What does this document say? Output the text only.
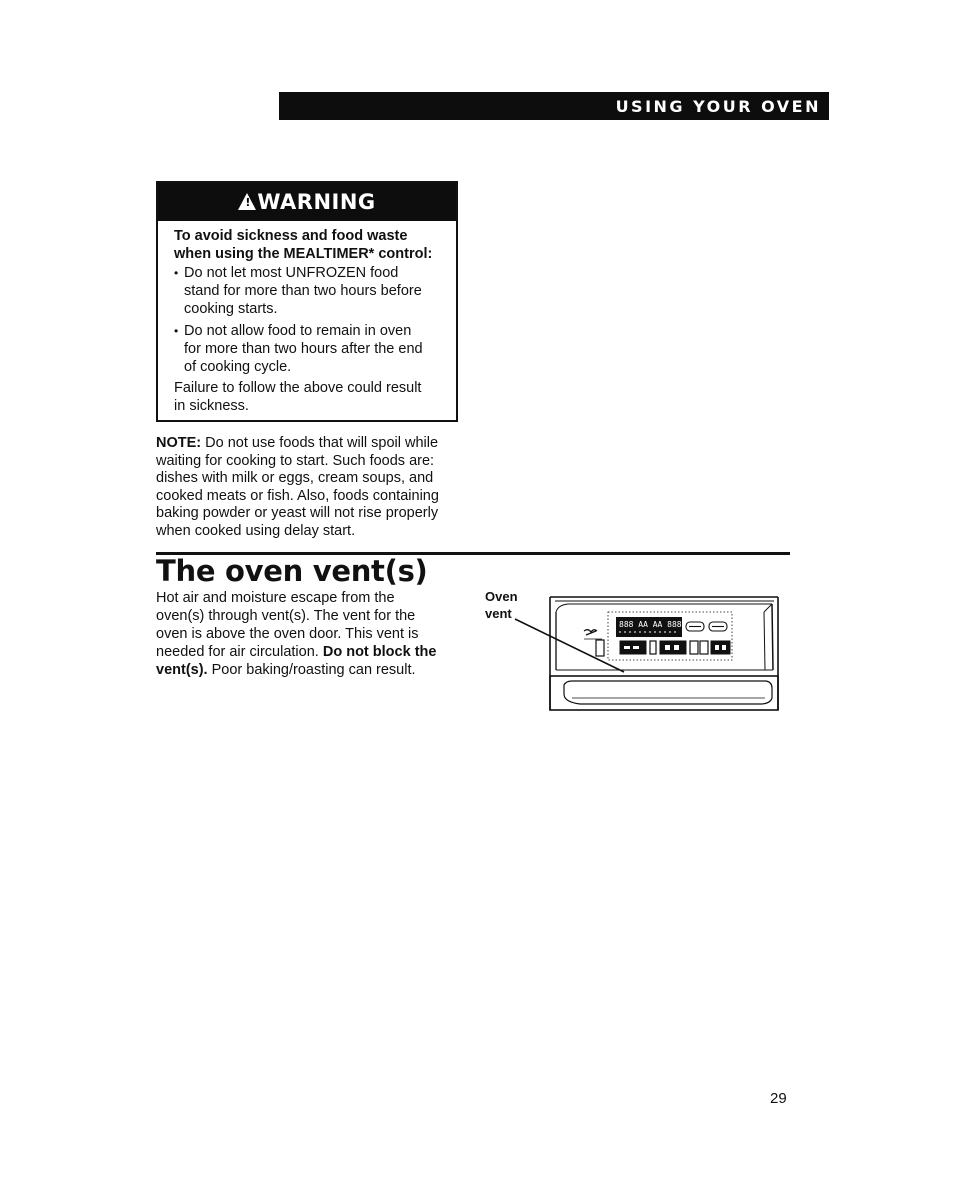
USING YOUR OVEN
! WARNING
To avoid sickness and food waste
when using the MEALTIMER* control:
• Do not let most UNFROZEN food
stand for more than two hours before
cooking starts.
• Do not allow food to remain in oven
for more than two hours after the end
of cooking cycle.
Failure to follow the above could result
in sickness.
NOTE: Do not use foods that will spoil while
waiting for cooking to start. Such foods are:
dishes with milk or eggs, cream soups, and
cooked meats or fish. Also, foods containing
baking powder or yeast will not rise properly
when cooked using delay start.
The oven vent(s)
Hot air and moisture escape from the
oven(s) through vent(s). The vent for the
oven is above the oven door. This vent is
needed for air circulation. Do not block the
vent(s). Poor baking/roasting can result.
Oven
vent
888 AA AA 888
29
